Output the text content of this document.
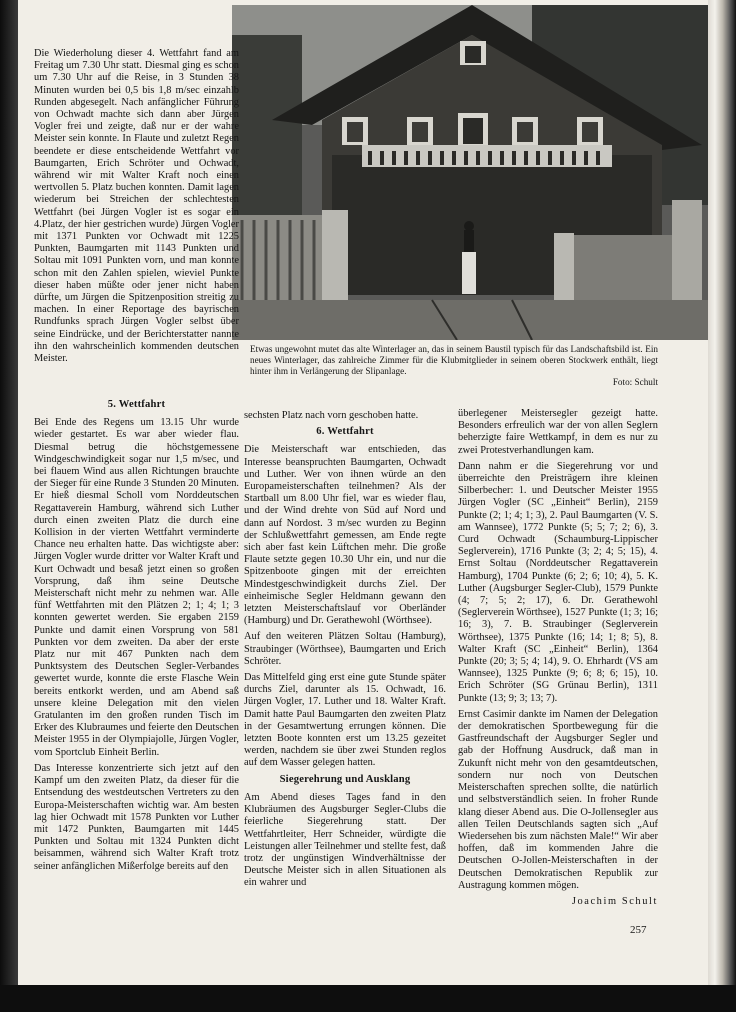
Etwas ungewohnt mutet das alte Winterlager an, das in seinem Baustil typisch für das Landschaftsbild ist. Ein neues Winterlager, das zahlreiche Zimmer für die Klubmitglieder in seinem oberen Stockwerk enthält, liegt hinter ihm in Verlängerung der Slipanlage.
Foto: Schult

Die Wiederholung dieser 4. Wettfahrt fand am Freitag um 7.30 Uhr statt. Diesmal ging es schon um 7.30 Uhr auf die Reise, in 3 Stunden 38 Minuten wurden bei 0,5 bis 1,8 m/sec einzahlb Runden abgesegelt. Nach anfänglicher Führung von Ochwadt machte sich dann aber Jürgen Vogler frei und zeigte, daß nur er der wahre Meister sein konnte. In Flaute und zuletzt Regen beendete er diese entscheidende Wettfahrt vor Baumgarten, Erich Schröter und Ochwadt, während wir mit Walter Kraft noch einen wertvollen 5. Platz buchen konnten. Damit lagen wiederum bei Streichen der schlechtesten Wettfahrt (bei Jürgen Vogler ist es sogar ein 4.Platz, der hier gestrichen wurde) Jürgen Vogler mit 1371 Punkten vor Ochwadt mit 1225 Punkten, Baumgarten mit 1143 Punkten und Soltau mit 1091 Punkten vorn, und man konnte schon mit den Zahlen spielen, wieviel Punkte dieser haben müßte oder jener nicht haben dürfte, um Jürgen die Spitzenposition streitig zu machen. In einer Reportage des bayrischen Rundfunks sprach Jürgen Vogler selbst über seine Eindrücke, und der Berichterstatter nannte ihn den wahrscheinlich kommenden deutschen Meister.

5. Wettfahrt

Bei Ende des Regens um 13.15 Uhr wurde wieder gestartet. Es war aber wieder flau. Diesmal betrug die höchstgemessene Windgeschwindigkeit sogar nur 1,5 m/sec, und bei flauem Wind aus allen Richtungen brauchte der Sieger für eine Runde 3 Stunden 20 Minuten. Er hieß diesmal Scholl vom Norddeutschen Regattaverein Hamburg, während sich Luther durch einen zweiten Platz die durch eine Kollision in der vierten Wettfahrt verminderte Chance neu erhalten hatte. Das wichtigste aber: Jürgen Vogler wurde dritter vor Walter Kraft und Kurt Ochwadt und besaß jetzt einen so großen Vorsprung, daß ihm seine Deutsche Meisterschaft nicht mehr zu nehmen war. Alle fünf Wettfahrten mit den Plätzen 2; 1; 4; 1; 3 konnten gewertet werden. Sie ergaben 2159 Punkte und damit einen Vorsprung von 581 Punkten vor dem zweiten. Da aber der erste Platz nur mit 467 Punkten nach dem Punktsystem des Deutschen Segler-Verbandes gewertet wurde, konnte die erste Flasche Wein bereits entkorkt werden, und am Abend saß unsere kleine Delegation mit den vielen Gratulanten im den großen runden Tisch im Erker des Klubraumes und feierte den Deutschen Meister 1955 in der Olympiajolle, Jürgen Vogler, vom Sportclub Einheit Berlin.

Das Interesse konzentrierte sich jetzt auf den Kampf um den zweiten Platz, da dieser für die Entsendung des westdeutschen Vertreters zu den Europa-Meisterschaften wichtig war. Am besten lag hier Ochwadt mit 1578 Punkten vor Luther mit 1472 Punkten, Baumgarten mit 1445 Punkten und Soltau mit 1324 Punkten dicht beisammen, während sich Walter Kraft trotz seiner anfänglichen Mißerfolge bereits auf den

sechsten Platz nach vorn geschoben hatte.

6. Wettfahrt

Die Meisterschaft war entschieden, das Interesse beanspruchten Baumgarten, Ochwadt und Luther. Wer von ihnen würde an den Europameisterschaften teilnehmen? Als der Startball um 8.00 Uhr fiel, war es wieder flau, und der Wind drehte von Süd auf Nord und dann auf Nordost. 3 m/sec wurden zu Beginn der Schlußwettfahrt gemessen, am Ende regte sich aber fast kein Lüftchen mehr. Die große Flaute setzte gegen 10.30 Uhr ein, und nur die Spitzenboote gingen mit der erreichten Mindestgeschwindigkeit durchs Ziel. Der einheimische Segler Heldmann gewann den letzten Meisterschaftslauf vor Oberländer (Hamburg) und Dr. Gerathewohl (Wörthsee).

Auf den weiteren Plätzen Soltau (Hamburg), Straubinger (Wörthsee), Baumgarten und Erich Schröter.

Das Mittelfeld ging erst eine gute Stunde später durchs Ziel, darunter als 15. Ochwadt, 16. Jürgen Vogler, 17. Luther und 18. Walter Kraft. Damit hatte Paul Baumgarten den zweiten Platz in der Gesamtwertung errungen können. Die letzten Boote konnten erst um 13.25 gezeitet werden, nachdem sie über zwei Stunden reglos auf dem Wasser gelegen hatten.

Siegerehrung und Ausklang

Am Abend dieses Tages fand in den Klubräumen des Augsburger Segler-Clubs die feierliche Siegerehrung statt. Der Wettfahrtleiter, Herr Schneider, würdigte die Leistungen aller Teilnehmer und stellte fest, daß trotz der ungünstigen Windverhältnisse der Deutsche Meister sich in allen Situationen als ein wahrer und

überlegener Meistersegler gezeigt hatte. Besonders erfreulich war der von allen Seglern beherzigte faire Wettkampf, in dem es nur zu zwei Protestverhandlungen kam.

Dann nahm er die Siegerehrung vor und überreichte den Preisträgern ihre kleinen Silberbecher: 1. und Deutscher Meister 1955 Jürgen Vogler (SC „Einheit“ Berlin), 2159 Punkte (2; 1; 4; 1; 3), 2. Paul Baumgarten (V. S. am Wannsee), 1772 Punkte (5; 5; 7; 2; 6), 3. Curd Ochwadt (Schaumburg-Lippischer Seglerverein), 1716 Punkte (3; 2; 4; 5; 15), 4. Ernst Soltau (Norddeutscher Regattaverein Hamburg), 1704 Punkte (6; 2; 6; 10; 4), 5. K. Luther (Augsburger Segler-Club), 1579 Punkte (4; 7; 5; 2; 17), 6. Dr. Gerathewohl (Seglerverein Wörthsee), 1527 Punkte (1; 3; 16; 16; 3), 7. B. Straubinger (Seglerverein Wörthsee), 1375 Punkte (16; 14; 1; 8; 5), 8. Walter Kraft (SC „Einheit“ Berlin), 1364 Punkte (20; 3; 5; 4; 14), 9. O. Ehrhardt (VS am Wannsee), 1325 Punkte (9; 6; 8; 6; 15), 10. Erich Schröter (SG Grünau Berlin), 1311 Punkte (13; 9; 3; 13; 7).

Ernst Casimir dankte im Namen der Delegation der demokratischen Sportbewegung für die Gastfreundschaft der Augsburger Segler und gab der Hoffnung Ausdruck, daß man in Zukunft nicht mehr von den gesamtdeutschen, sondern nur noch von Deutschen Meisterschaften sprechen sollte, die natürlich und selbstverständlich seien. In froher Runde klang dieser Abend aus. Die O-Jollensegler aus allen Teilen Deutschlands sagten sich „Auf Wiedersehen bis zum nächsten Male!“ Wir aber hoffen, daß im kommenden Jahre die Deutschen O-Jollen-Meisterschaften in der Deutschen Demokratischen Republik zur Austragung kommen mögen.

Joachim Schult

257
